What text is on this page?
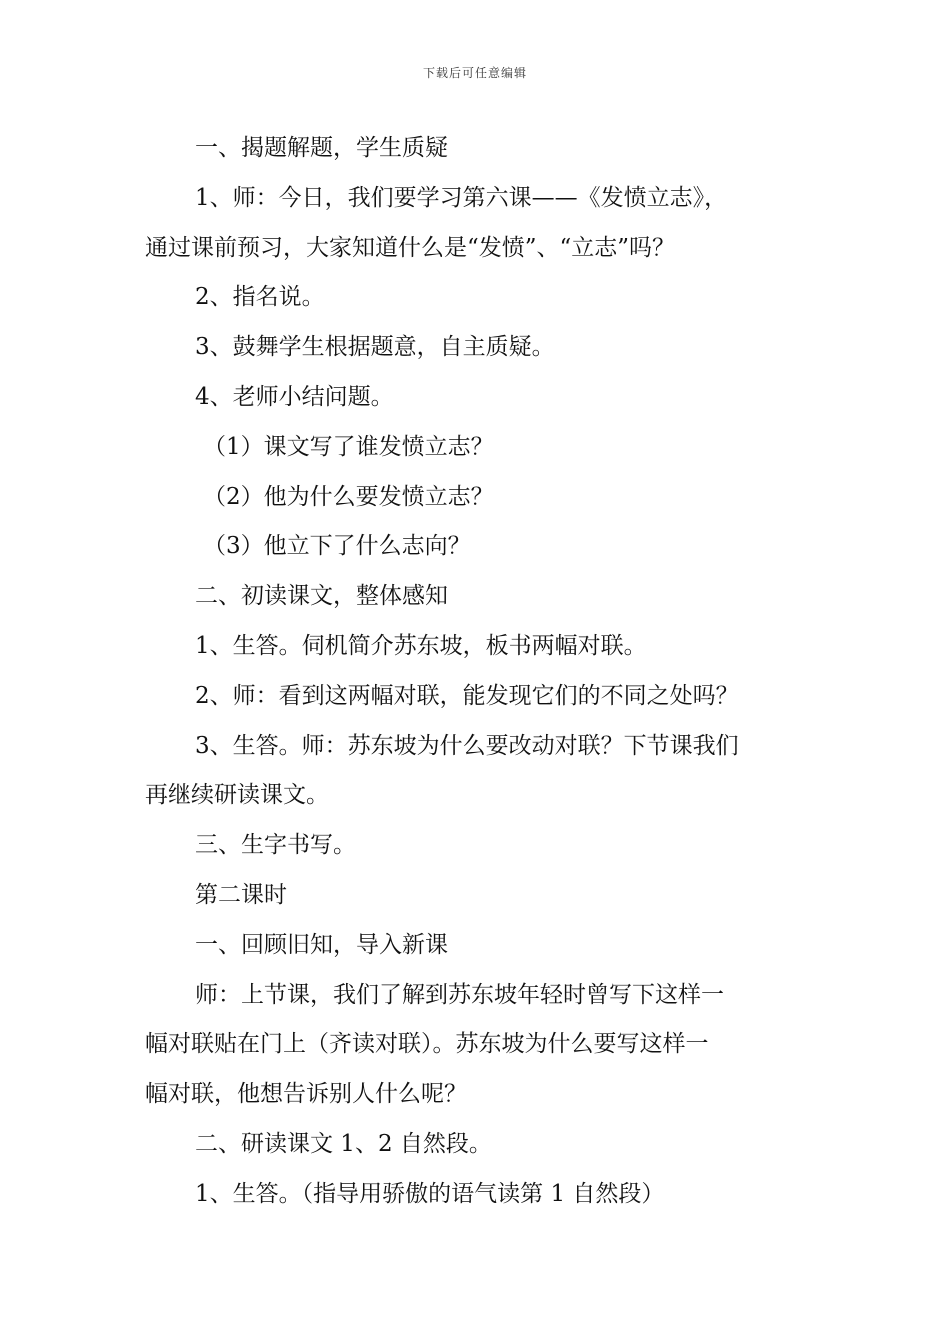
下载后可任意编辑
一、揭题解题，学生质疑
1、师：今日，我们要学习第六课——《发愤立志》，
通过课前预习，大家知道什么是“发愤”、“立志”吗？
2、指名说。
3、鼓舞学生根据题意，自主质疑。
4、老师小结问题。
（1）课文写了谁发愤立志？
（2）他为什么要发愤立志？
（3）他立下了什么志向？
二、初读课文，整体感知
1、生答。伺机简介苏东坡，板书两幅对联。
2、师：看到这两幅对联，能发现它们的不同之处吗？
3、生答。师：苏东坡为什么要改动对联？下节课我们
再继续研读课文。
三、生字书写。
第二课时
一、回顾旧知，导入新课
师：上节课，我们了解到苏东坡年轻时曾写下这样一
幅对联贴在门上（齐读对联）。苏东坡为什么要写这样一
幅对联，他想告诉别人什么呢？
二、研读课文 1、2 自然段。
1、生答。（指导用骄傲的语气读第 1 自然段）
